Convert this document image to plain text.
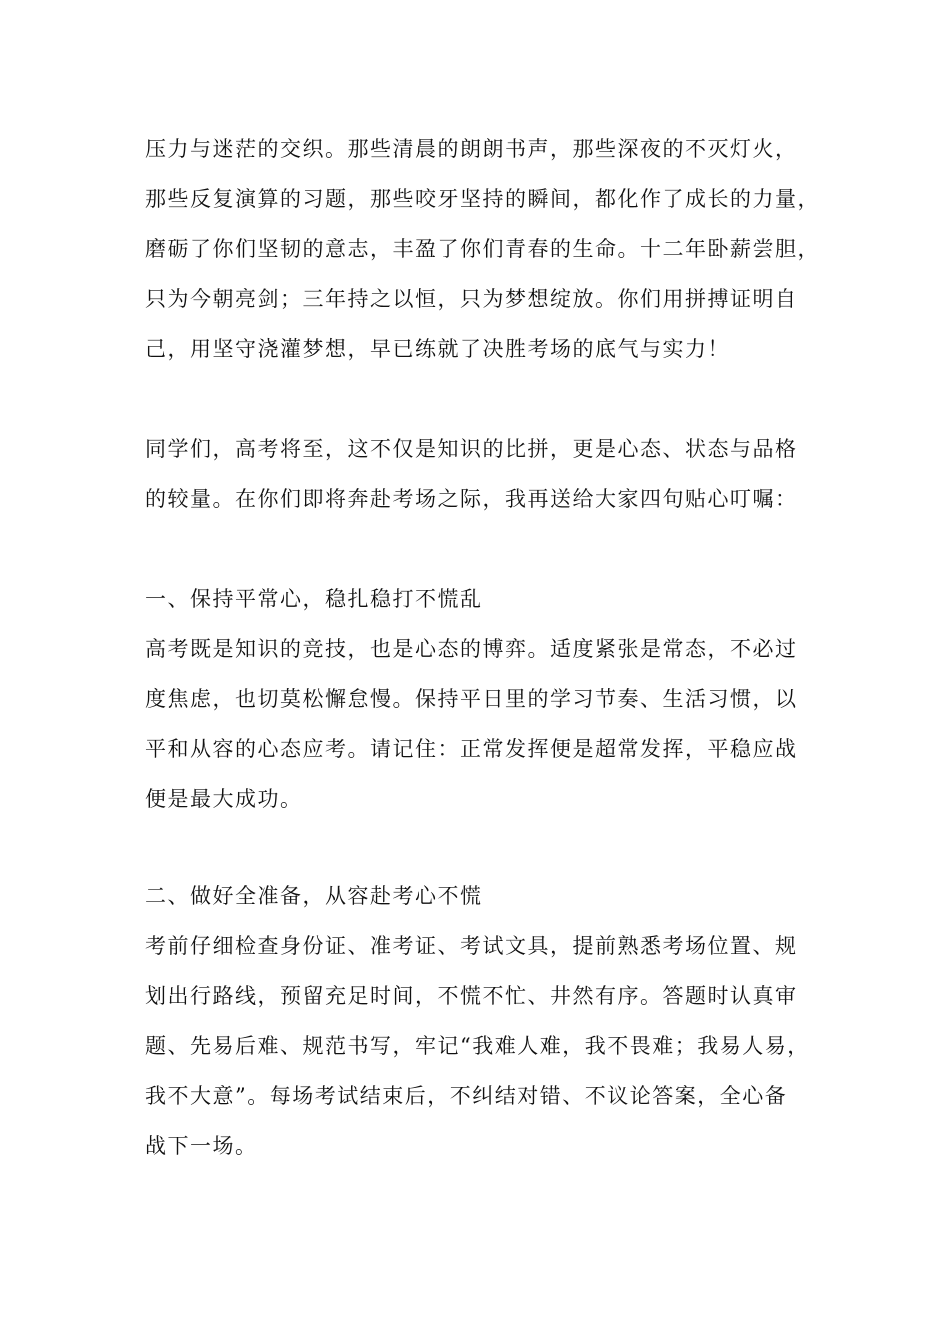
压力与迷茫的交织。那些清晨的朗朗书声，那些深夜的不灭灯火，
那些反复演算的习题，那些咬牙坚持的瞬间，都化作了成长的力量，
磨砺了你们坚韧的意志，丰盈了你们青春的生命。十二年卧薪尝胆，
只为今朝亮剑；三年持之以恒，只为梦想绽放。你们用拼搏证明自
己，用坚守浇灌梦想，早已练就了决胜考场的底气与实力！
同学们，高考将至，这不仅是知识的比拼，更是心态、状态与品格
的较量。在你们即将奔赴考场之际，我再送给大家四句贴心叮嘱：
一、保持平常心，稳扎稳打不慌乱
高考既是知识的竞技，也是心态的博弈。适度紧张是常态，不必过
度焦虑，也切莫松懈怠慢。保持平日里的学习节奏、生活习惯，以
平和从容的心态应考。请记住：正常发挥便是超常发挥，平稳应战
便是最大成功。
二、做好全准备，从容赴考心不慌
考前仔细检查身份证、准考证、考试文具，提前熟悉考场位置、规
划出行路线，预留充足时间，不慌不忙、井然有序。答题时认真审
题、先易后难、规范书写，牢记“我难人难，我不畏难；我易人易，
我不大意”。每场考试结束后，不纠结对错、不议论答案，全心备
战下一场。
